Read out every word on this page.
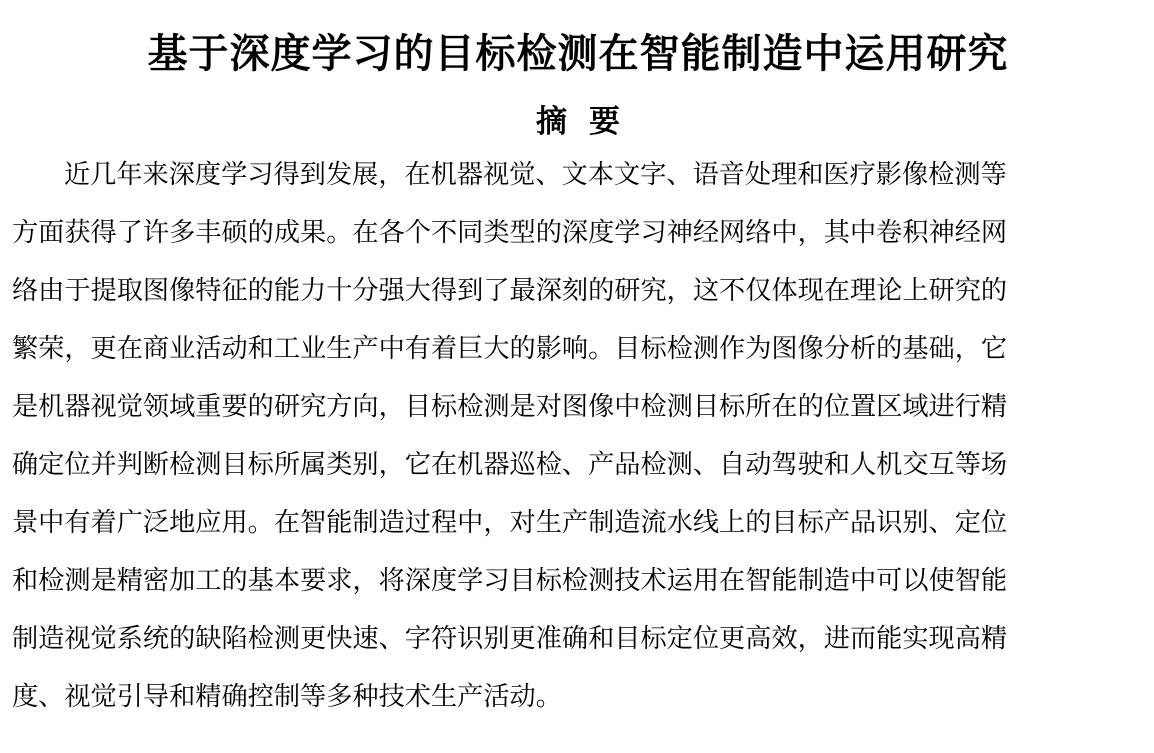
基于深度学习的目标检测在智能制造中运用研究
摘要
近几年来深度学习得到发展，在机器视觉、文本文字、语音处理和医疗影像检测等
方面获得了许多丰硕的成果。在各个不同类型的深度学习神经网络中，其中卷积神经网
络由于提取图像特征的能力十分强大得到了最深刻的研究，这不仅体现在理论上研究的
繁荣，更在商业活动和工业生产中有着巨大的影响。目标检测作为图像分析的基础，它
是机器视觉领域重要的研究方向，目标检测是对图像中检测目标所在的位置区域进行精
确定位并判断检测目标所属类别，它在机器巡检、产品检测、自动驾驶和人机交互等场
景中有着广泛地应用。在智能制造过程中，对生产制造流水线上的目标产品识别、定位
和检测是精密加工的基本要求，将深度学习目标检测技术运用在智能制造中可以使智能
制造视觉系统的缺陷检测更快速、字符识别更准确和目标定位更高效，进而能实现高精
度、视觉引导和精确控制等多种技术生产活动。
